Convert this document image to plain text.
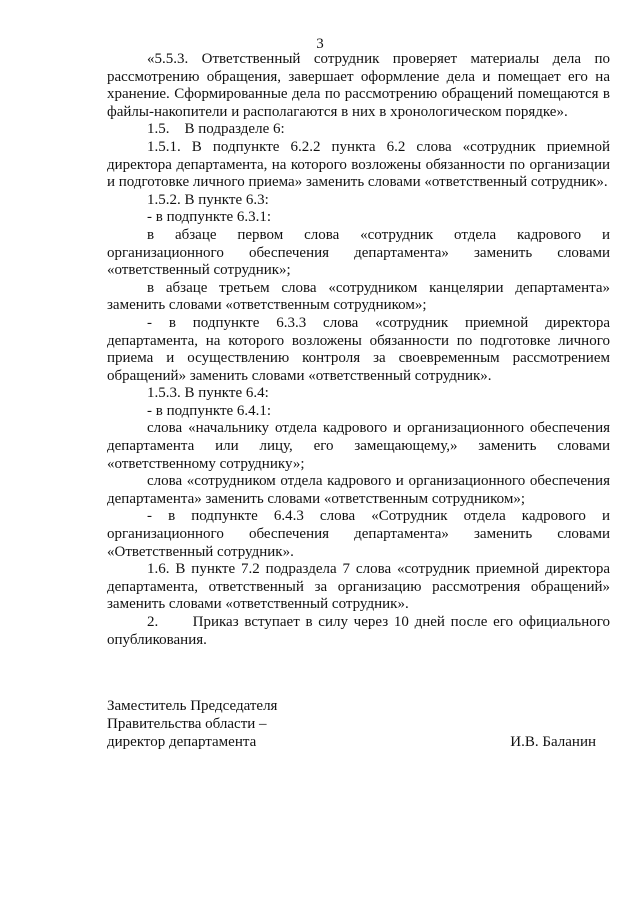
3

«5.5.3. Ответственный сотрудник проверяет материалы дела по рассмотрению обращения, завершает оформление дела и помещает его на хранение. Сформированные дела по рассмотрению обращений помещаются в файлы-накопители и располагаются в них в хронологическом порядке».

1.5.    В подразделе 6:

1.5.1. В подпункте 6.2.2 пункта 6.2 слова «сотрудник приемной директора департамента, на которого возложены обязанности по организации и подготовке личного приема» заменить словами «ответственный сотрудник».

1.5.2. В пункте 6.3:

- в подпункте 6.3.1:

в абзаце первом слова «сотрудник отдела кадрового и организационного обеспечения департамента» заменить словами «ответственный сотрудник»;

в абзаце третьем слова «сотрудником канцелярии департамента» заменить словами «ответственным сотрудником»;

- в подпункте 6.3.3 слова «сотрудник приемной директора департамента, на которого возложены обязанности по подготовке личного приема и осуществлению контроля за своевременным рассмотрением обращений» заменить словами «ответственный сотрудник».

1.5.3. В пункте 6.4:

- в подпункте 6.4.1:

слова «начальнику отдела кадрового и организационного обеспечения департамента или лицу, его замещающему,» заменить словами «ответственному сотруднику»;

слова «сотрудником отдела кадрового и организационного обеспечения департамента» заменить словами «ответственным сотрудником»;

- в подпункте 6.4.3 слова «Сотрудник отдела кадрового и организационного обеспечения департамента» заменить словами «Ответственный сотрудник».

1.6. В пункте 7.2 подраздела 7 слова «сотрудник приемной директора департамента, ответственный за организацию рассмотрения обращений» заменить словами «ответственный сотрудник».

2.      Приказ вступает в силу через 10 дней после его официального опубликования.

Заместитель Председателя
Правительства области –
директор департамента	И.В. Баланин
